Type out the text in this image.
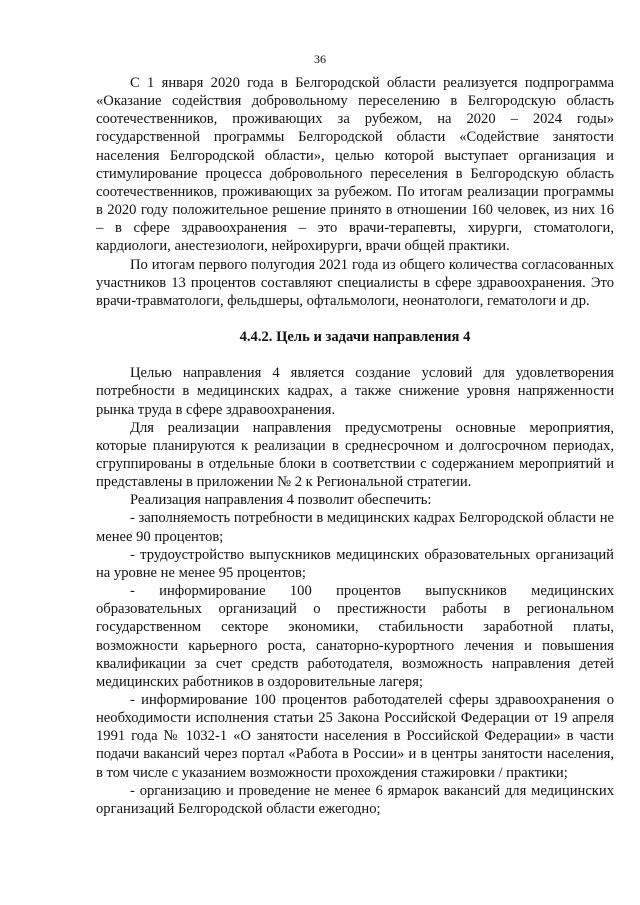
36

С 1 января 2020 года в Белгородской области реализуется подпрограмма «Оказание содействия добровольному переселению в Белгородскую область соотечественников, проживающих за рубежом, на 2020 – 2024 годы» государственной программы Белгородской области «Содействие занятости населения Белгородской области», целью которой выступает организация и стимулирование процесса добровольного переселения в Белгородскую область соотечественников, проживающих за рубежом. По итогам реализации программы в 2020 году положительное решение принято в отношении 160 человек, из них 16 – в сфере здравоохранения – это врачи-терапевты, хирурги, стоматологи, кардиологи, анестезиологи, нейрохирурги, врачи общей практики.

По итогам первого полугодия 2021 года из общего количества согласованных участников 13 процентов составляют специалисты в сфере здравоохранения. Это врачи-травматологи, фельдшеры, офтальмологи, неонатологи, гематологи и др.

4.4.2. Цель и задачи направления 4

Целью направления 4 является создание условий для удовлетворения потребности в медицинских кадрах, а также снижение уровня напряженности рынка труда в сфере здравоохранения.

Для реализации направления предусмотрены основные мероприятия, которые планируются к реализации в среднесрочном и долгосрочном периодах, сгруппированы в отдельные блоки в соответствии с содержанием мероприятий и представлены в приложении № 2 к Региональной стратегии.

Реализация направления 4 позволит обеспечить:

- заполняемость потребности в медицинских кадрах Белгородской области не менее 90 процентов;

- трудоустройство выпускников медицинских образовательных организаций на уровне не менее 95 процентов;

- информирование 100 процентов выпускников медицинских образовательных организаций о престижности работы в региональном государственном секторе экономики, стабильности заработной платы, возможности карьерного роста, санаторно-курортного лечения и повышения квалификации за счет средств работодателя, возможность направления детей медицинских работников в оздоровительные лагеря;

- информирование 100 процентов работодателей сферы здравоохранения о необходимости исполнения статьи 25 Закона Российской Федерации от 19 апреля 1991 года № 1032-1 «О занятости населения в Российской Федерации» в части подачи вакансий через портал «Работа в России» и в центры занятости населения, в том числе с указанием возможности прохождения стажировки / практики;

- организацию и проведение не менее 6 ярмарок вакансий для медицинских организаций Белгородской области ежегодно;
